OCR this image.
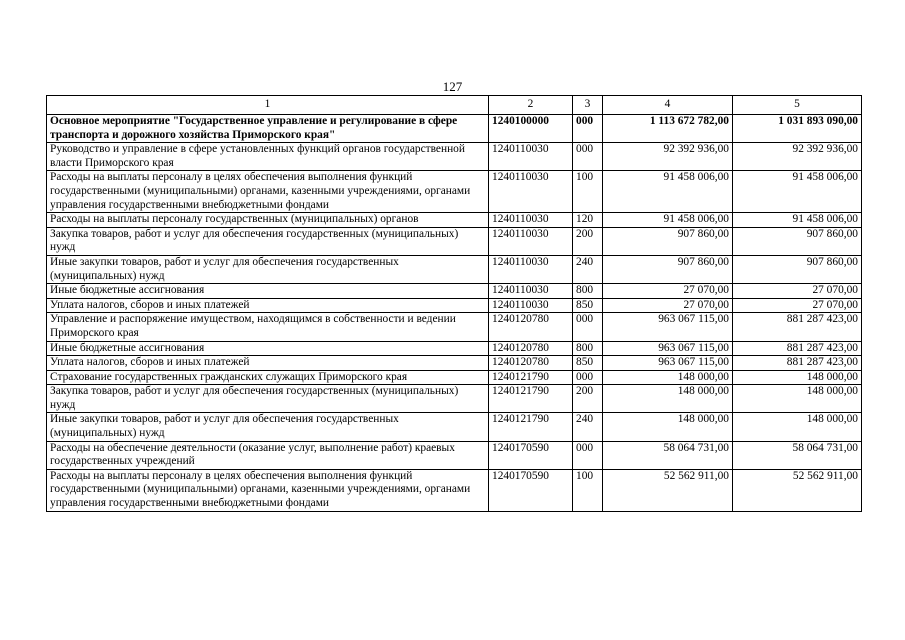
127
1	2	3	4	5
Основное мероприятие "Государственное управление и регулирование в сфере транспорта и дорожного хозяйства Приморского края"	1240100000	000	1 113 672 782,00	1 031 893 090,00
Руководство и управление в сфере установленных функций органов государственной власти Приморского края	1240110030	000	92 392 936,00	92 392 936,00
Расходы на выплаты персоналу в целях обеспечения выполнения функций государственными (муниципальными) органами, казенными учреждениями, органами управления государственными внебюджетными фондами	1240110030	100	91 458 006,00	91 458 006,00
Расходы на выплаты персоналу государственных (муниципальных) органов	1240110030	120	91 458 006,00	91 458 006,00
Закупка товаров, работ и услуг для обеспечения государственных (муниципальных) нужд	1240110030	200	907 860,00	907 860,00
Иные закупки товаров, работ и услуг для обеспечения государственных (муниципальных) нужд	1240110030	240	907 860,00	907 860,00
Иные бюджетные ассигнования	1240110030	800	27 070,00	27 070,00
Уплата налогов, сборов и иных платежей	1240110030	850	27 070,00	27 070,00
Управление и распоряжение имуществом, находящимся в собственности и ведении Приморского края	1240120780	000	963 067 115,00	881 287 423,00
Иные бюджетные ассигнования	1240120780	800	963 067 115,00	881 287 423,00
Уплата налогов, сборов и иных платежей	1240120780	850	963 067 115,00	881 287 423,00
Страхование государственных гражданских служащих Приморского края	1240121790	000	148 000,00	148 000,00
Закупка товаров, работ и услуг для обеспечения государственных (муниципальных) нужд	1240121790	200	148 000,00	148 000,00
Иные закупки товаров, работ и услуг для обеспечения государственных (муниципальных) нужд	1240121790	240	148 000,00	148 000,00
Расходы на обеспечение деятельности (оказание услуг, выполнение работ) краевых государственных учреждений	1240170590	000	58 064 731,00	58 064 731,00
Расходы на выплаты персоналу в целях обеспечения выполнения функций государственными (муниципальными) органами, казенными учреждениями, органами управления государственными внебюджетными фондами	1240170590	100	52 562 911,00	52 562 911,00
